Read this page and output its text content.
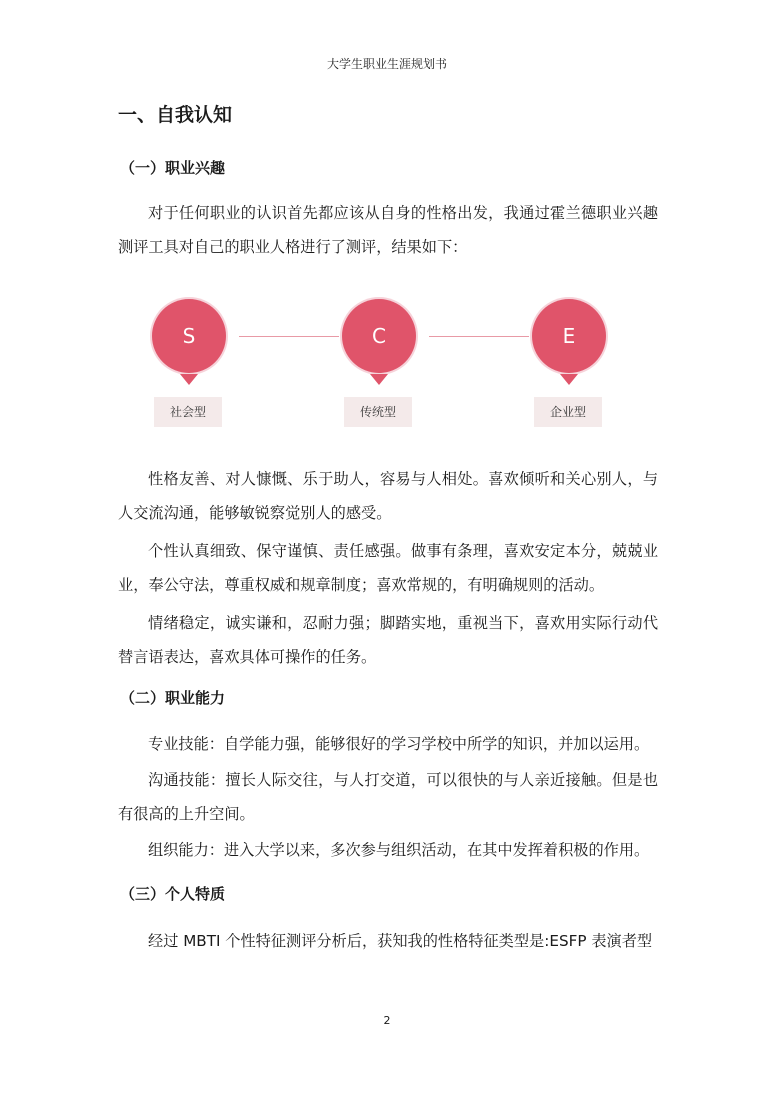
大学生职业生涯规划书
一、自我认知
（一）职业兴趣

对于任何职业的认识首先都应该从自身的性格出发，我通过霍兰德职业兴趣测评工具对自己的职业人格进行了测评，结果如下：

S
社会型
C
传统型
E
企业型

性格友善、对人慷慨、乐于助人，容易与人相处。喜欢倾听和关心别人，与人交流沟通，能够敏锐察觉别人的感受。

个性认真细致、保守谨慎、责任感强。做事有条理，喜欢安定本分，兢兢业业，奉公守法，尊重权威和规章制度；喜欢常规的，有明确规则的活动。

情绪稳定，诚实谦和，忍耐力强；脚踏实地，重视当下，喜欢用实际行动代替言语表达，喜欢具体可操作的任务。

（二）职业能力

专业技能：自学能力强，能够很好的学习学校中所学的知识，并加以运用。

沟通技能：擅长人际交往，与人打交道，可以很快的与人亲近接触。但是也有很高的上升空间。

组织能力：进入大学以来，多次参与组织活动，在其中发挥着积极的作用。

（三）个人特质

经过 MBTI 个性特征测评分析后，获知我的性格特征类型是:ESFP 表演者型

2
